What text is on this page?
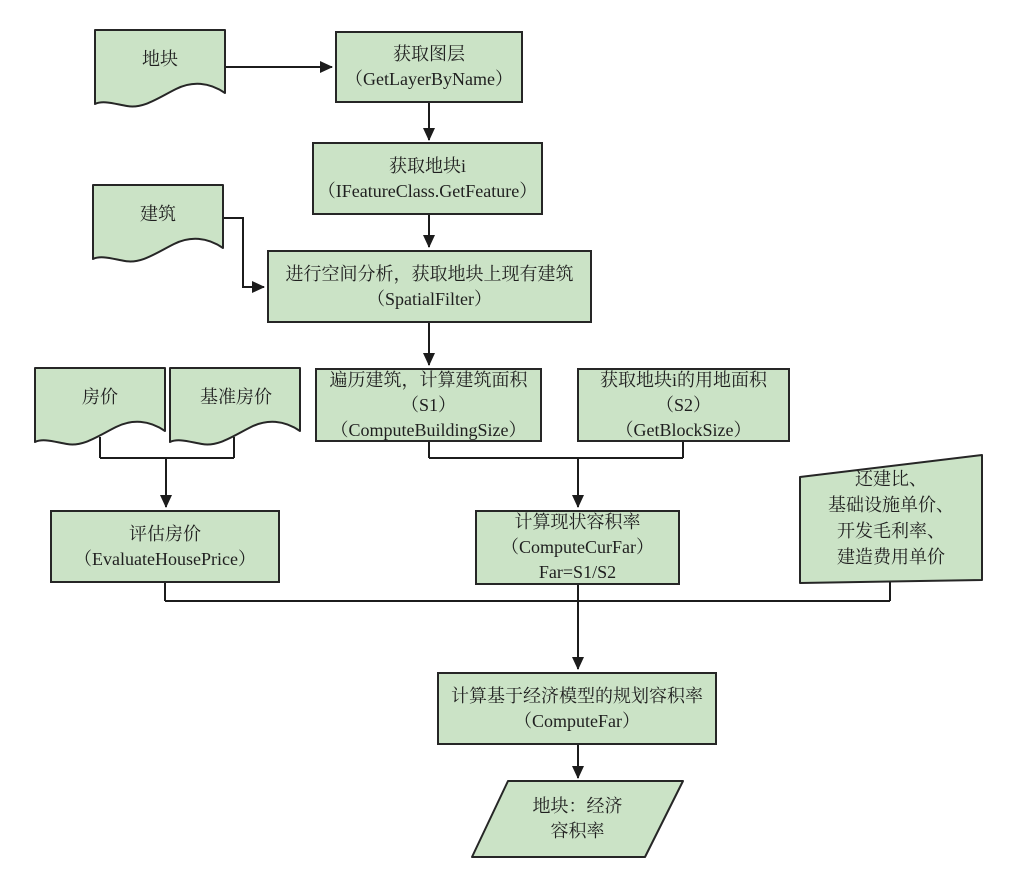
地块
建筑
房价	基准房价
获取图层
（GetLayerByName）
获取地块i
（IFeatureClass.GetFeature）
进行空间分析，获取地块上现有建筑
（SpatialFilter）
遍历建筑，计算建筑面积
（S1）
（ComputeBuildingSize）
获取地块i的用地面积
（S2）
（GetBlockSize）
评估房价
（EvaluateHousePrice）
计算现状容积率
（ComputeCurFar）
Far=S1/S2
还建比、
基础设施单价、
开发毛利率、
建造费用单价
计算基于经济模型的规划容积率
（ComputeFar）
地块：经济
容积率
